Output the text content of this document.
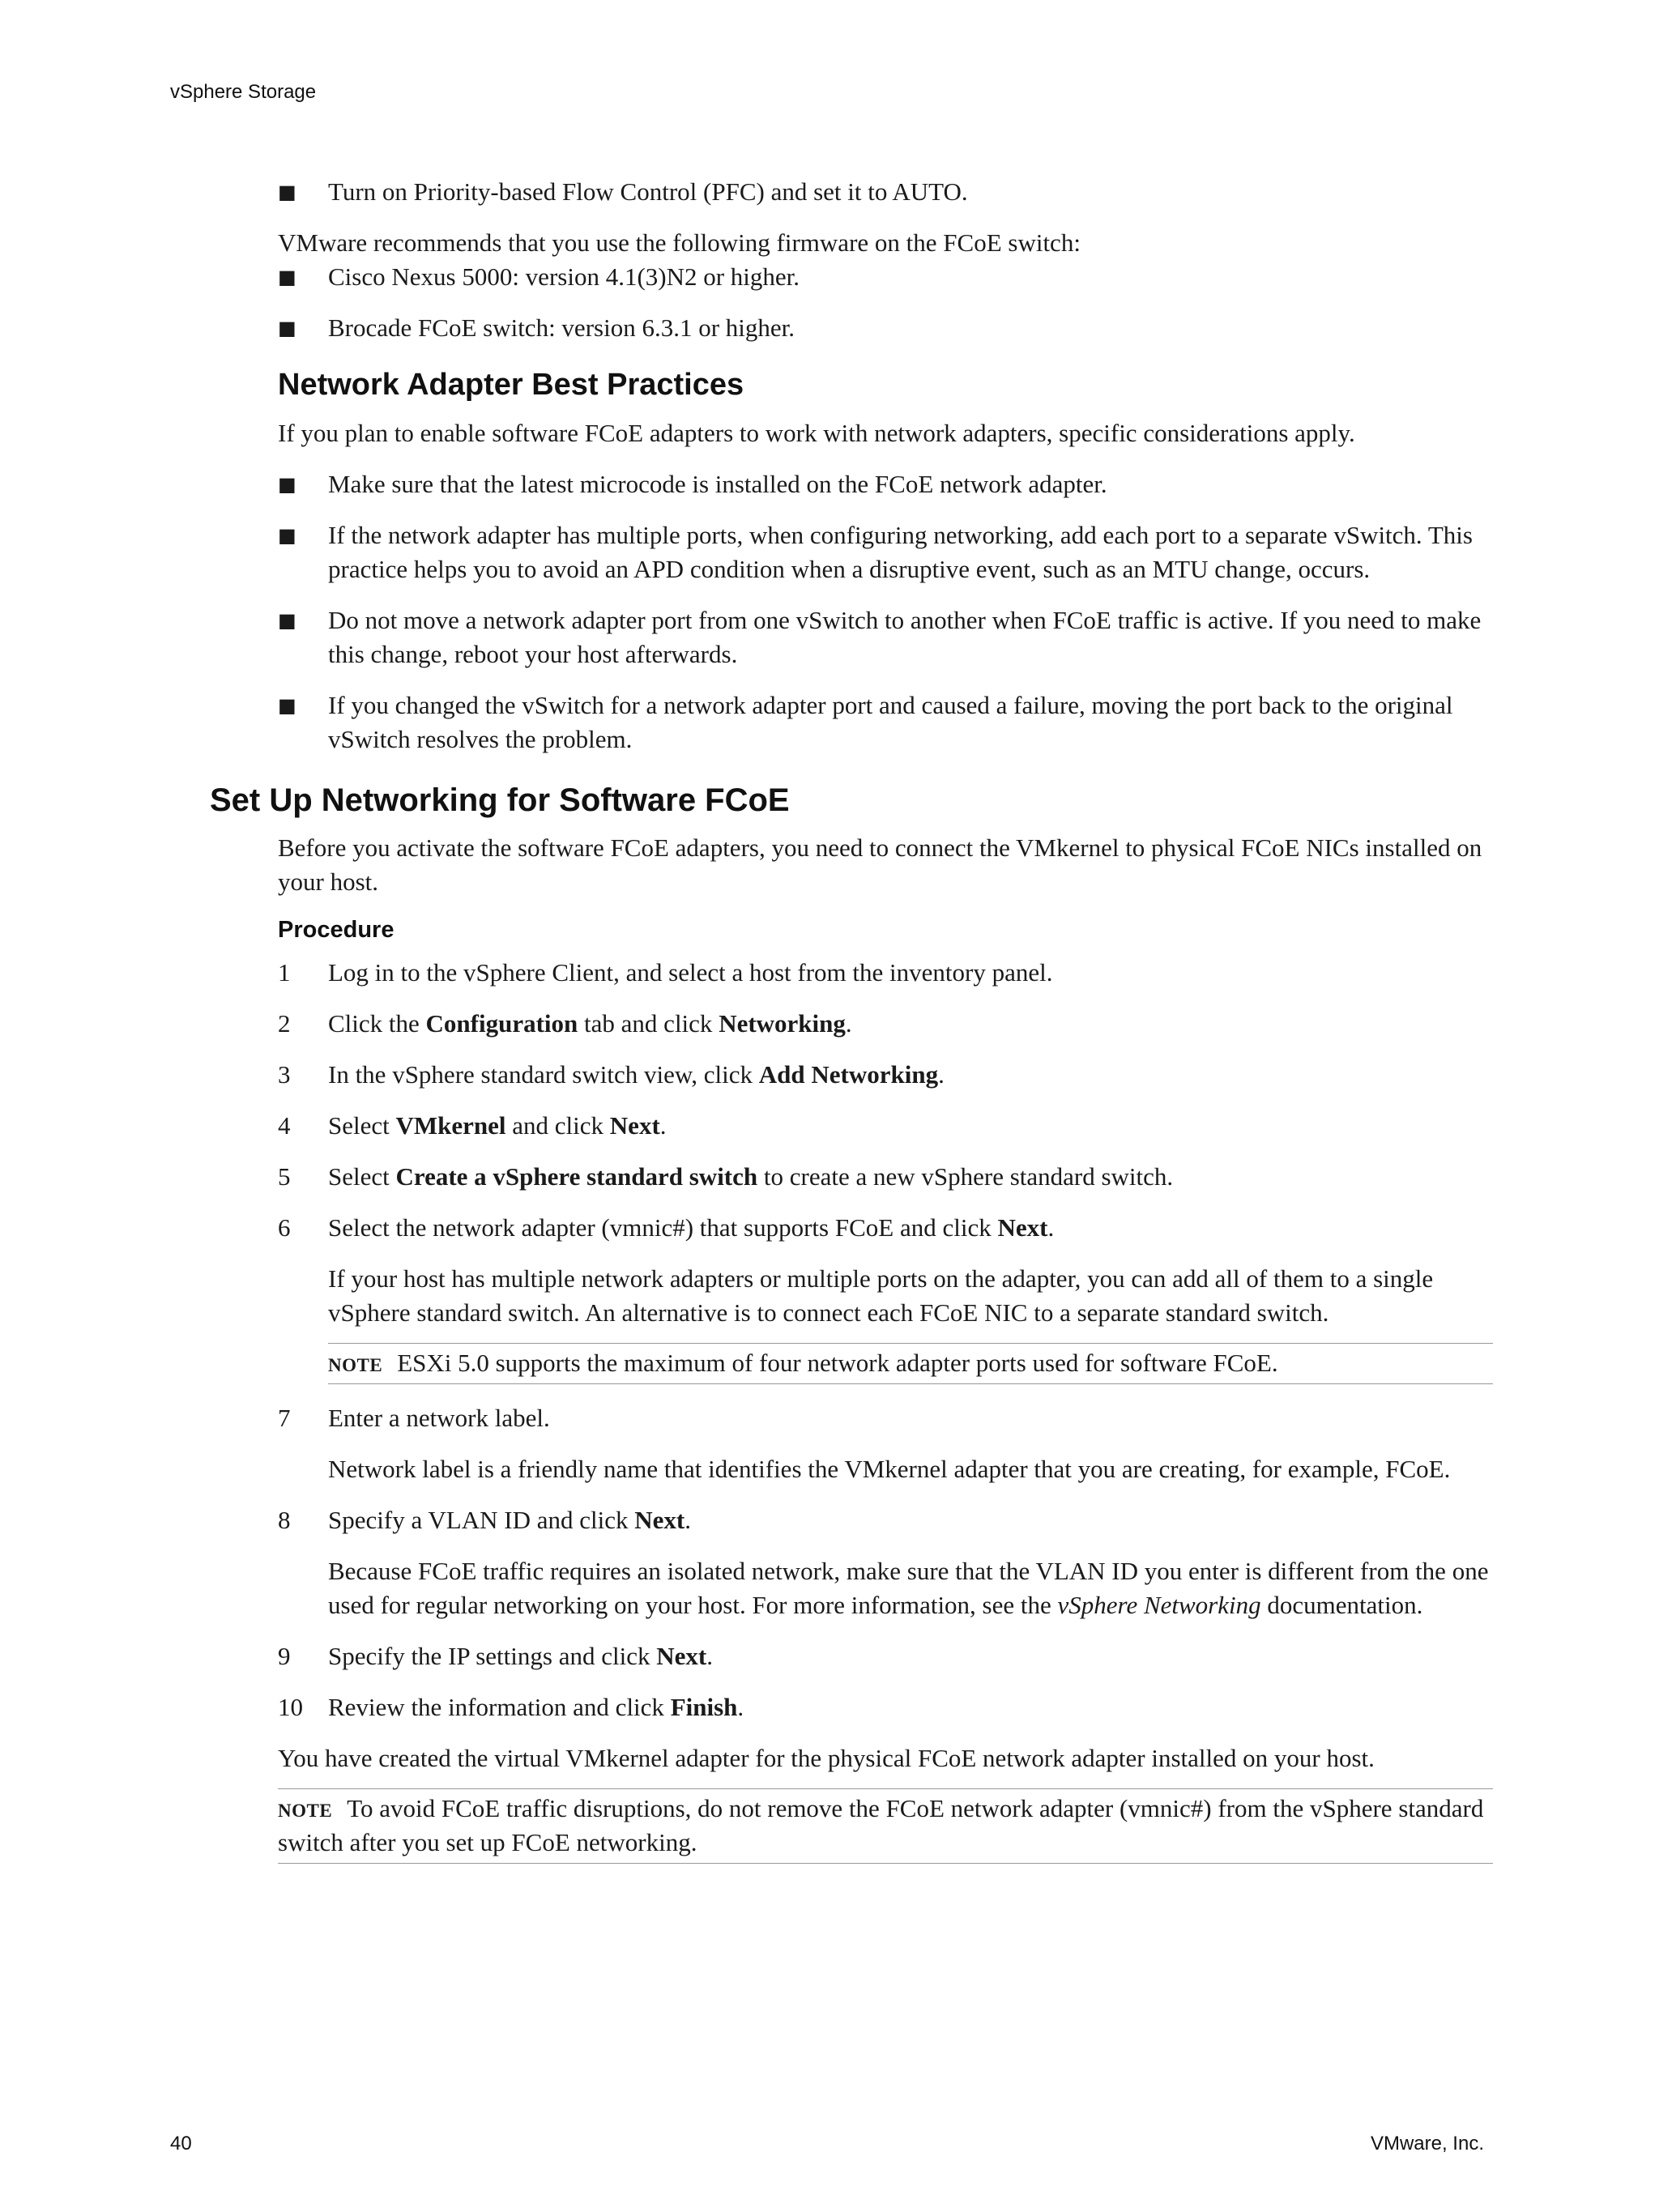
vSphere Storage
■	Turn on Priority-based Flow Control (PFC) and set it to AUTO.

VMware recommends that you use the following firmware on the FCoE switch:

■	Cisco Nexus 5000: version 4.1(3)N2 or higher.
■	Brocade FCoE switch: version 6.3.1 or higher.
Network Adapter Best Practices

If you plan to enable software FCoE adapters to work with network adapters, specific considerations apply.

■	Make sure that the latest microcode is installed on the FCoE network adapter.
■	If the network adapter has multiple ports, when configuring networking, add each port to a separate vSwitch. This practice helps you to avoid an APD condition when a disruptive event, such as an MTU change, occurs.
■	Do not move a network adapter port from one vSwitch to another when FCoE traffic is active. If you need to make this change, reboot your host afterwards.
■	If you changed the vSwitch for a network adapter port and caused a failure, moving the port back to the original vSwitch resolves the problem.
Set Up Networking for Software FCoE

Before you activate the software FCoE adapters, you need to connect the VMkernel to physical FCoE NICs installed on your host.

Procedure
1	Log in to the vSphere Client, and select a host from the inventory panel.
2	Click the Configuration tab and click Networking.
3	In the vSphere standard switch view, click Add Networking.
4	Select VMkernel and click Next.
5	Select Create a vSphere standard switch to create a new vSphere standard switch.
6	Select the network adapter (vmnic#) that supports FCoE and click Next.

If your host has multiple network adapters or multiple ports on the adapter, you can add all of them to a single vSphere standard switch. An alternative is to connect each FCoE NIC to a separate standard switch.

NOTE ESXi 5.0 supports the maximum of four network adapter ports used for software FCoE.
7	Enter a network label.

Network label is a friendly name that identifies the VMkernel adapter that you are creating, for example, FCoE.

8	Specify a VLAN ID and click Next.

Because FCoE traffic requires an isolated network, make sure that the VLAN ID you enter is different from the one used for regular networking on your host. For more information, see the vSphere Networking documentation.

9	Specify the IP settings and click Next.
10	Review the information and click Finish.

You have created the virtual VMkernel adapter for the physical FCoE network adapter installed on your host.

NOTE To avoid FCoE traffic disruptions, do not remove the FCoE network adapter (vmnic#) from the vSphere standard switch after you set up FCoE networking.
40	VMware, Inc.
